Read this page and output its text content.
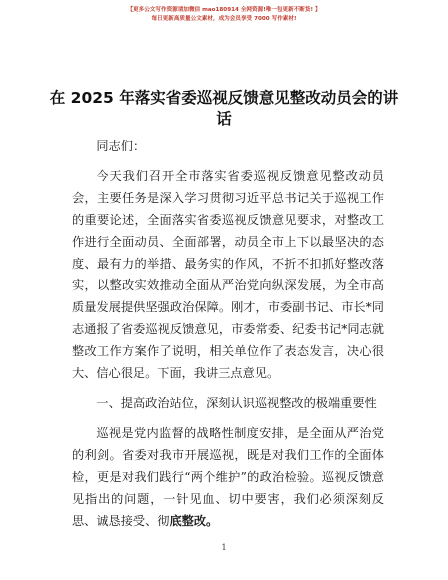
【更多公文写作资源请加微信 mao180914 全网资源!唯一包更新不断货! 】
每日更新高质量公文素材，成为会员享受 7000 写作素材!
在 2025 年落实省委巡视反馈意见整改动员会的讲话

同志们：

今天我们召开全市落实省委巡视反馈意见整改动员会，主要任务是深入学习贯彻习近平总书记关于巡视工作的重要论述，全面落实省委巡视反馈意见要求，对整改工作进行全面动员、全面部署，动员全市上下以最坚决的态度、最有力的举措、最务实的作风，不折不扣抓好整改落实，以整改实效推动全面从严治党向纵深发展，为全市高质量发展提供坚强政治保障。刚才，市委副书记、市长*同志通报了省委巡视反馈意见，市委常委、纪委书记*同志就整改工作方案作了说明，相关单位作了表态发言，决心很大、信心很足。下面，我讲三点意见。

一、提高政治站位，深刻认识巡视整改的极端重要性

巡视是党内监督的战略性制度安排，是全面从严治党的利剑。省委对我市开展巡视，既是对我们工作的全面体检，更是对我们践行“两个维护”的政治检验。巡视反馈意见指出的问题，一针见血、切中要害，我们必须深刻反思、诚恳接受、彻底整改。

1
